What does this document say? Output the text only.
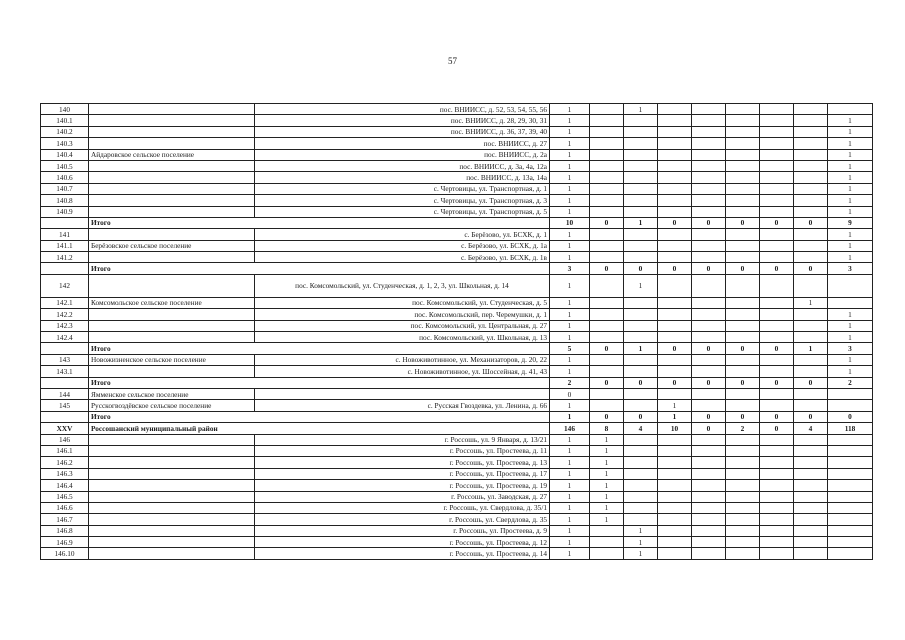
57
140		пос. ВНИИСС, д. 52, 53, 54, 55, 56	1		1						
140.1		пос. ВНИИСС, д. 28, 29, 30, 31	1								1
140.2		пос. ВНИИСС, д. 36, 37, 39, 40	1								1
140.3		пос. ВНИИСС, д. 27	1								1
140.4	Айдаровское сельское поселение	пос. ВНИИСС, д. 2а	1								1
140.5		пос. ВНИИСС, д. 3а, 4а, 12а	1								1
140.6		пос. ВНИИСС, д. 13а, 14а	1								1
140.7		с. Чертовицы, ул. Транспортная, д. 1	1								1
140.8		с. Чертовицы, ул. Транспортная, д. 3	1								1
140.9		с. Чертовицы, ул. Транспортная, д. 5	1								1
	Итого		10	0	1	0	0	0	0	0	9
141		с. Берёзово, ул. БСХК, д. 1	1								1
141.1	Берёзовское сельское поселение	с. Берёзово, ул. БСХК, д. 1а	1								1
141.2		с. Берёзово, ул. БСХК, д. 1в	1								1
	Итого		3	0	0	0	0	0	0	0	3
142		пос. Комсомольский, ул. Студенческая, д. 1, 2, 3, ул. Школьная, д. 14	1		1						
142.1	Комсомольское сельское поселение	пос. Комсомольский, ул. Студенческая, д. 5	1							1	
142.2		пос. Комсомольский, пер. Черемушки, д. 1	1								1
142.3		пос. Комсомольский, ул. Центральная, д. 27	1								1
142.4		пос. Комсомольский, ул. Школьная, д. 13	1								1
	Итого		5	0	1	0	0	0	0	1	3
143	Новожизненское сельское поселение	с. Новоживотинное, ул. Механизаторов, д. 20, 22	1								1
143.1		с. Новоживотинное, ул. Шоссейная, д. 41, 43	1								1
	Итого		2	0	0	0	0	0	0	0	2
144	Ямменское сельское поселение		0								
145	Русскогвоздёвское сельское поселение	с. Русская Гвоздевка, ул. Ленина, д. 66	1			1					
	Итого		1	0	0	1	0	0	0	0	0
XXV	Россошанский муниципальный район		146	8	4	10	0	2	0	4	118
146		г. Россошь, ул. 9 Января, д. 13/21	1	1							
146.1		г. Россошь, ул. Простеева, д. 11	1	1							
146.2		г. Россошь, ул. Простеева, д. 13	1	1							
146.3		г. Россошь, ул. Простеева, д. 17	1	1							
146.4		г. Россошь, ул. Простеева, д. 19	1	1							
146.5		г. Россошь, ул. Заводская, д. 27	1	1							
146.6		г. Россошь, ул. Свердлова, д. 35/1	1	1							
146.7		г. Россошь, ул. Свердлова, д. 35	1	1							
146.8		г. Россошь, ул. Простеева, д. 9	1		1						
146.9		г. Россошь, ул. Простеева, д. 12	1		1						
146.10		г. Россошь, ул. Простеева, д. 14	1		1						
